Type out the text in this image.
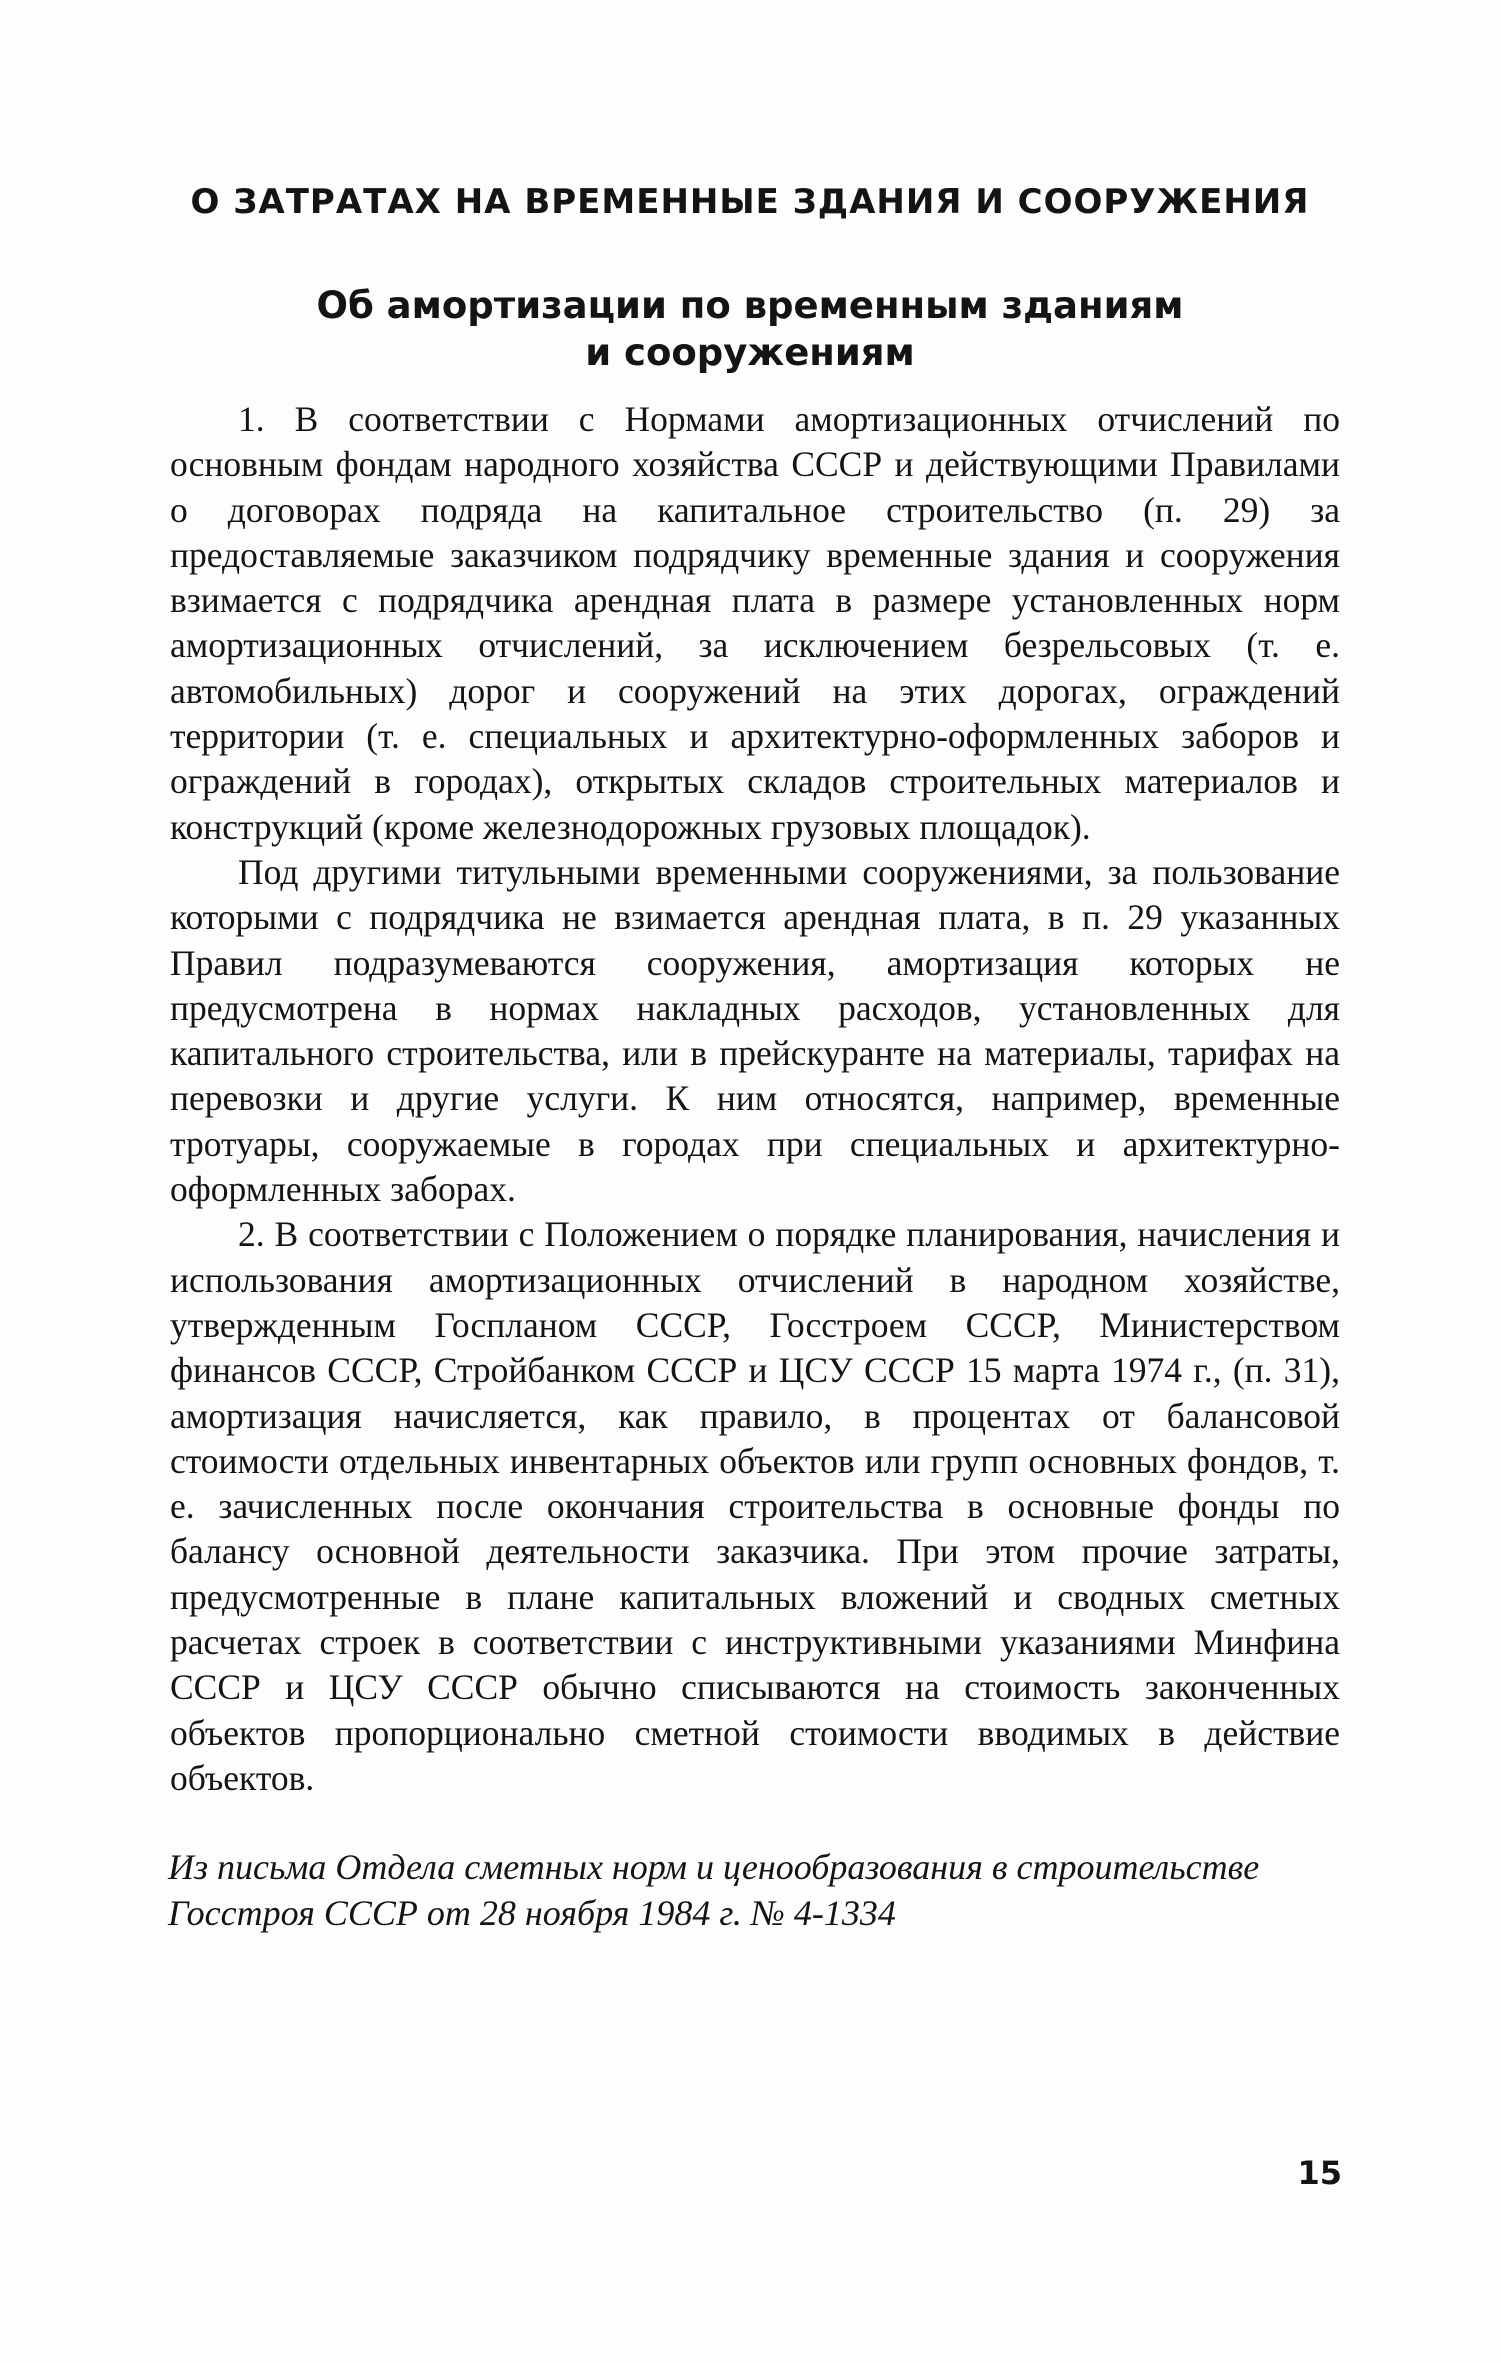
О ЗАТРАТАХ НА ВРЕМЕННЫЕ ЗДАНИЯ И СООРУЖЕНИЯ
Об амортизации по временным зданиям
и сооружениям

1. В соответствии с Нормами амортизационных отчислений по основным фондам народного хозяйства СССР и действующими Правилами о договорах подряда на капитальное строительство (п. 29) за предоставляемые заказчиком подрядчику временные здания и сооружения взимается с подрядчика арендная плата в размере установленных норм амортизационных отчислений, за исключением безрельсовых (т. е. автомобильных) дорог и сооружений на этих дорогах, ограждений территории (т. е. специальных и архитектурно-оформленных заборов и ограждений в городах), открытых складов строительных материалов и конструкций (кроме железнодорожных грузовых площадок).

Под другими титульными временными сооружениями, за пользование которыми с подрядчика не взимается арендная плата, в п. 29 указанных Правил подразумеваются сооружения, амортизация которых не предусмотрена в нормах накладных расходов, установленных для капитального строительства, или в прейскуранте на материалы, тарифах на перевозки и другие услуги. К ним относятся, например, временные тротуары, сооружаемые в городах при специальных и архитектурно-оформленных заборах.

2. В соответствии с Положением о порядке планирования, начисления и использования амортизационных отчислений в народном хозяйстве, утвержденным Госпланом СССР, Госстроем СССР, Министерством финансов СССР, Стройбанком СССР и ЦСУ СССР 15 марта 1974 г., (п. 31), амортизация начисляется, как правило, в процентах от балансовой стоимости отдельных инвентарных объектов или групп основных фондов, т. е. зачисленных после окончания строительства в основные фонды по балансу основной деятельности заказчика. При этом прочие затраты, предусмотренные в плане капитальных вложений и сводных сметных расчетах строек в соответствии с инструктивными указаниями Минфина СССР и ЦСУ СССР обычно списываются на стоимость законченных объектов пропорционально сметной стоимости вводимых в действие объектов.

Из письма Отдела сметных норм и ценообразования в строительстве
Госстроя СССР от 28 ноября 1984 г. № 4-1334
15
